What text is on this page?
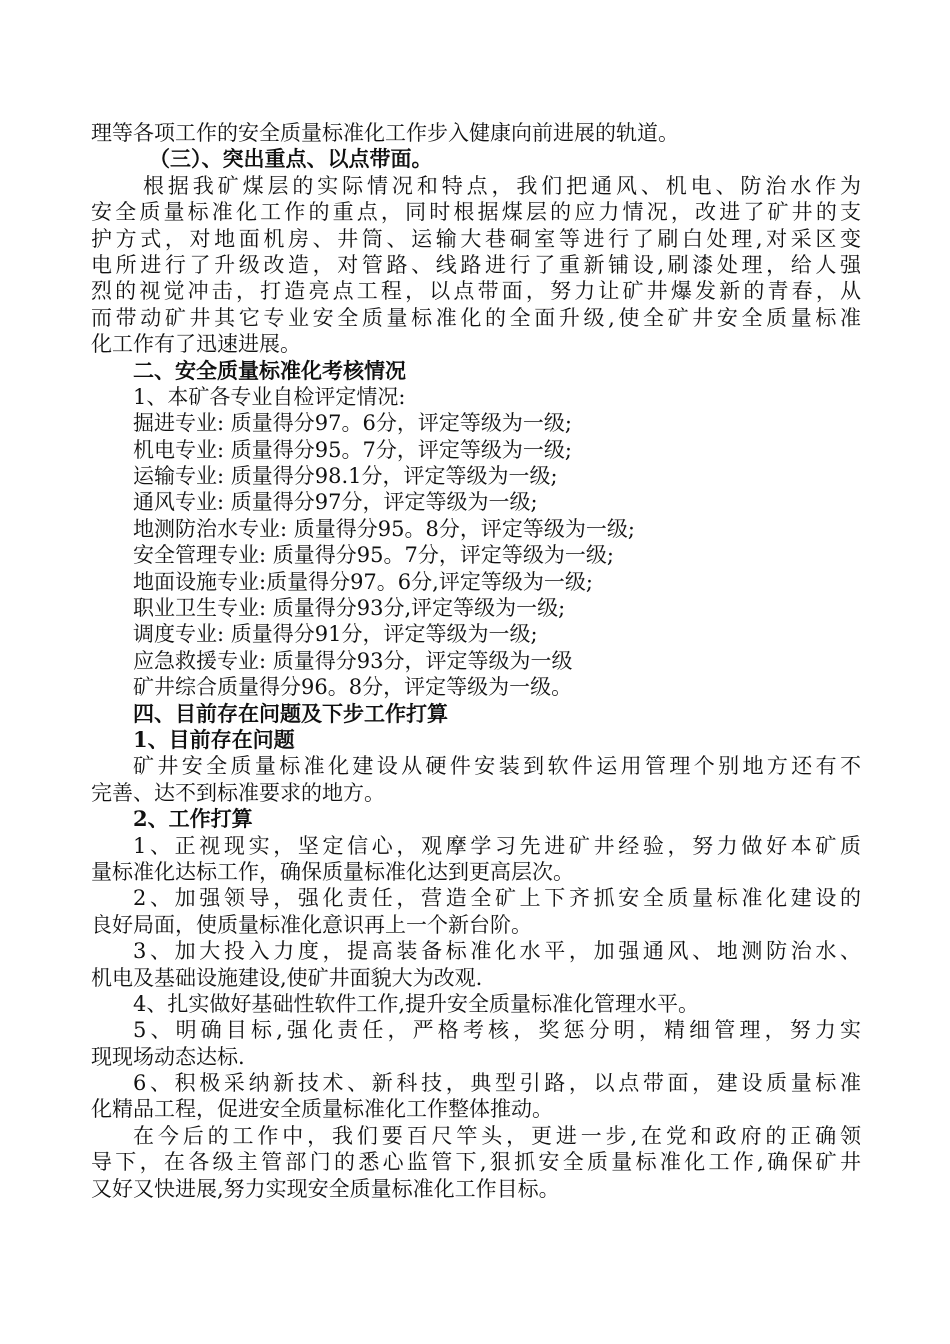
理等各项工作的安全质量标准化工作步入健康向前进展的轨道。
（三）、突出重点、以点带面。
根据我矿煤层的实际情况和特点，我们把通风、机电、防治水作为
安全质量标准化工作的重点，同时根据煤层的应力情况，改进了矿井的支
护方式，对地面机房、井筒、运输大巷硐室等进行了刷白处理,对采区变
电所进行了升级改造，对管路、线路进行了重新铺设,刷漆处理，给人强
烈的视觉冲击，打造亮点工程，以点带面，努力让矿井爆发新的青春，从
而带动矿井其它专业安全质量标准化的全面升级,使全矿井安全质量标准
化工作有了迅速进展。
二、安全质量标准化考核情况
1、本矿各专业自检评定情况:
掘进专业: 质量得分97。6分，评定等级为一级;
机电专业: 质量得分95。7分，评定等级为一级;
运输专业: 质量得分98.1分，评定等级为一级;
通风专业: 质量得分97分，评定等级为一级;
地测防治水专业: 质量得分95。8分，评定等级为一级;
安全管理专业: 质量得分95。7分，评定等级为一级;
地面设施专业:质量得分97。6分,评定等级为一级;
职业卫生专业: 质量得分93分,评定等级为一级;
调度专业: 质量得分91分，评定等级为一级;
应急救援专业: 质量得分93分，评定等级为一级
矿井综合质量得分96。8分，评定等级为一级。
四、目前存在问题及下步工作打算
1、目前存在问题
矿井安全质量标准化建设从硬件安装到软件运用管理个别地方还有不
完善、达不到标准要求的地方。
2、工作打算
1、正视现实，坚定信心，观摩学习先进矿井经验，努力做好本矿质
量标准化达标工作，确保质量标准化达到更高层次。
2、加强领导，强化责任，营造全矿上下齐抓安全质量标准化建设的
良好局面，使质量标准化意识再上一个新台阶。
3、加大投入力度，提高装备标准化水平，加强通风、地测防治水、
机电及基础设施建设,使矿井面貌大为改观.
4、扎实做好基础性软件工作,提升安全质量标准化管理水平。
5、明确目标,强化责任，严格考核，奖惩分明，精细管理，努力实
现现场动态达标.
6、积极采纳新技术、新科技，典型引路，以点带面，建设质量标准
化精品工程，促进安全质量标准化工作整体推动。
在今后的工作中，我们要百尺竿头，更进一步,在党和政府的正确领
导下，在各级主管部门的悉心监管下,狠抓安全质量标准化工作,确保矿井
又好又快进展,努力实现安全质量标准化工作目标。
